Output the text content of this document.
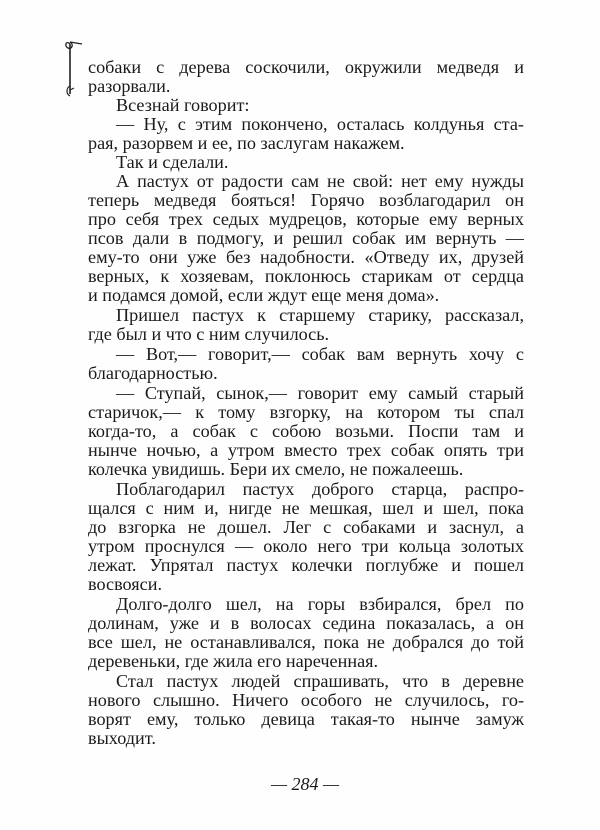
собаки с дерева соскочили, окружили медведя и
разорвали.
Всезнай говорит:
— Ну, с этим покончено, осталась колдунья ста-
рая, разорвем и ее, по заслугам накажем.
Так и сделали.
А пастух от радости сам не свой: нет ему нужды
теперь медведя бояться! Горячо возблагодарил он
про себя трех седых мудрецов, которые ему верных
псов дали в подмогу, и решил собак им вернуть —
ему-то они уже без надобности. «Отведу их, друзей
верных, к хозяевам, поклонюсь старикам от сердца
и подамся домой, если ждут еще меня дома».
Пришел пастух к старшему старику, рассказал,
где был и что с ним случилось.
— Вот,— говорит,— собак вам вернуть хочу с
благодарностью.
— Ступай, сынок,— говорит ему самый старый
старичок,— к тому взгорку, на котором ты спал
когда-то, а собак с собою возьми. Поспи там и
нынче ночью, а утром вместо трех собак опять три
колечка увидишь. Бери их смело, не пожалеешь.
Поблагодарил пастух доброго старца, распро-
щался с ним и, нигде не мешкая, шел и шел, пока
до взгорка не дошел. Лег с собаками и заснул, а
утром проснулся — около него три кольца золотых
лежат. Упрятал пастух колечки поглубже и пошел
восвояси.
Долго-долго шел, на горы взбирался, брел по
долинам, уже и в волосах седина показалась, а он
все шел, не останавливался, пока не добрался до той
деревеньки, где жила его нареченная.
Стал пастух людей спрашивать, что в деревне
нового слышно. Ничего особого не случилось, го-
ворят ему, только девица такая-то нынче замуж
выходит.
— 284 —
